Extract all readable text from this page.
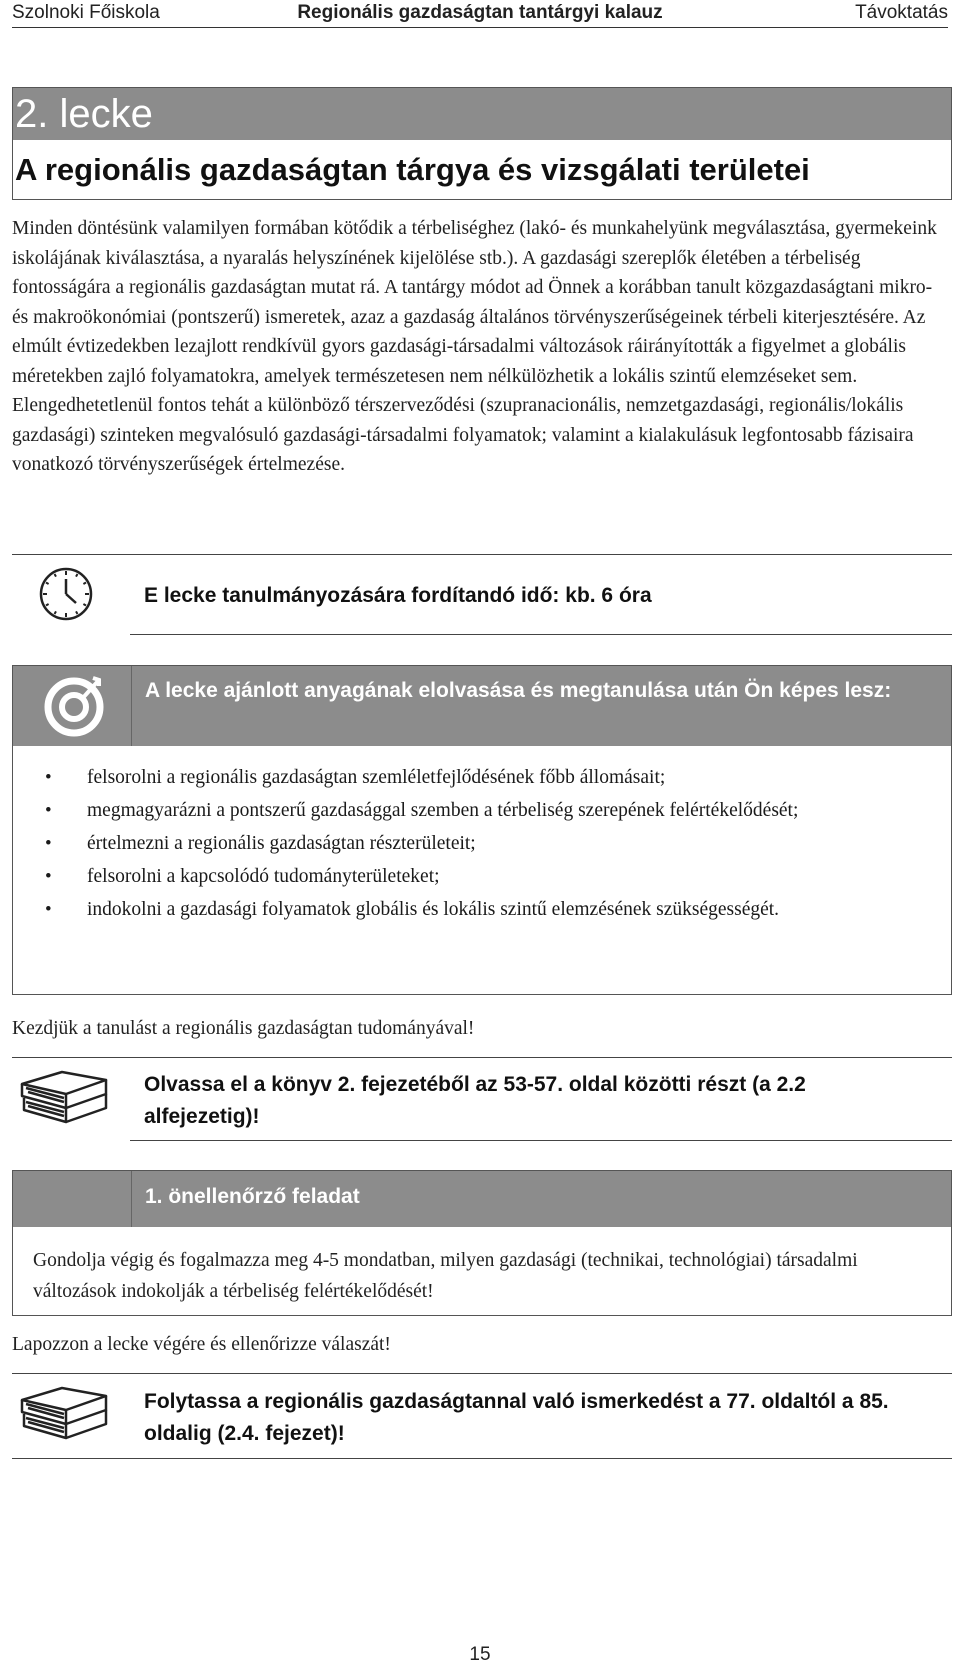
Szolnoki Főiskola	Regionális gazdaságtan tantárgyi kalauz	Távoktatás
2. lecke
A regionális gazdaságtan tárgya és vizsgálati területei
Minden döntésünk valamilyen formában kötődik a térbeliséghez (lakó- és munkahelyünk megválasztása, gyermekeink iskolájának kiválasztása, a nyaralás helyszínének kijelölése stb.). A gazdasági szereplők életében a térbeliség fontosságára a regionális gazdaságtan mutat rá. A tantárgy módot ad Önnek a korábban tanult közgazdaságtani mikro- és makroökonómiai (pontszerű) ismeretek, azaz a gazdaság általános törvényszerűségeinek térbeli kiterjesztésére. Az elmúlt évtizedekben lezajlott rendkívül gyors gazdasági-társadalmi változások ráirányították a figyelmet a globális méretekben zajló folyamatokra, amelyek természetesen nem nélkülözhetik a lokális szintű elemzéseket sem. Elengedhetetlenül fontos tehát a különböző térszerveződési (szupranacionális, nemzetgazdasági, regionális/lokális gazdasági) szinteken megvalósuló gazdasági-társadalmi folyamatok; valamint a kialakulásuk legfontosabb fázisaira vonatkozó törvényszerűségek értelmezése.
E lecke tanulmányozására fordítandó idő: kb. 6 óra
A lecke ajánlott anyagának elolvasása és megtanulása után Ön képes lesz:
• felsorolni a regionális gazdaságtan szemléletfejlődésének főbb állomásait;
• megmagyarázni a pontszerű gazdasággal szemben a térbeliség szerepének felértékelődését;
• értelmezni a regionális gazdaságtan részterületeit;
• felsorolni a kapcsolódó tudományterületeket;
• indokolni a gazdasági folyamatok globális és lokális szintű elemzésének szükségességét.
Kezdjük a tanulást a regionális gazdaságtan tudományával!
Olvassa el a könyv 2. fejezetéből az 53-57. oldal közötti részt (a 2.2 alfejezetig)!
1. önellenőrző feladat
Gondolja végig és fogalmazza meg 4-5 mondatban, milyen gazdasági (technikai, technológiai) társadalmi változások indokolják a térbeliség felértékelődését!
Lapozzon a lecke végére és ellenőrizze válaszát!
Folytassa a regionális gazdaságtannal való ismerkedést a 77. oldaltól a 85. oldalig (2.4. fejezet)!
15
